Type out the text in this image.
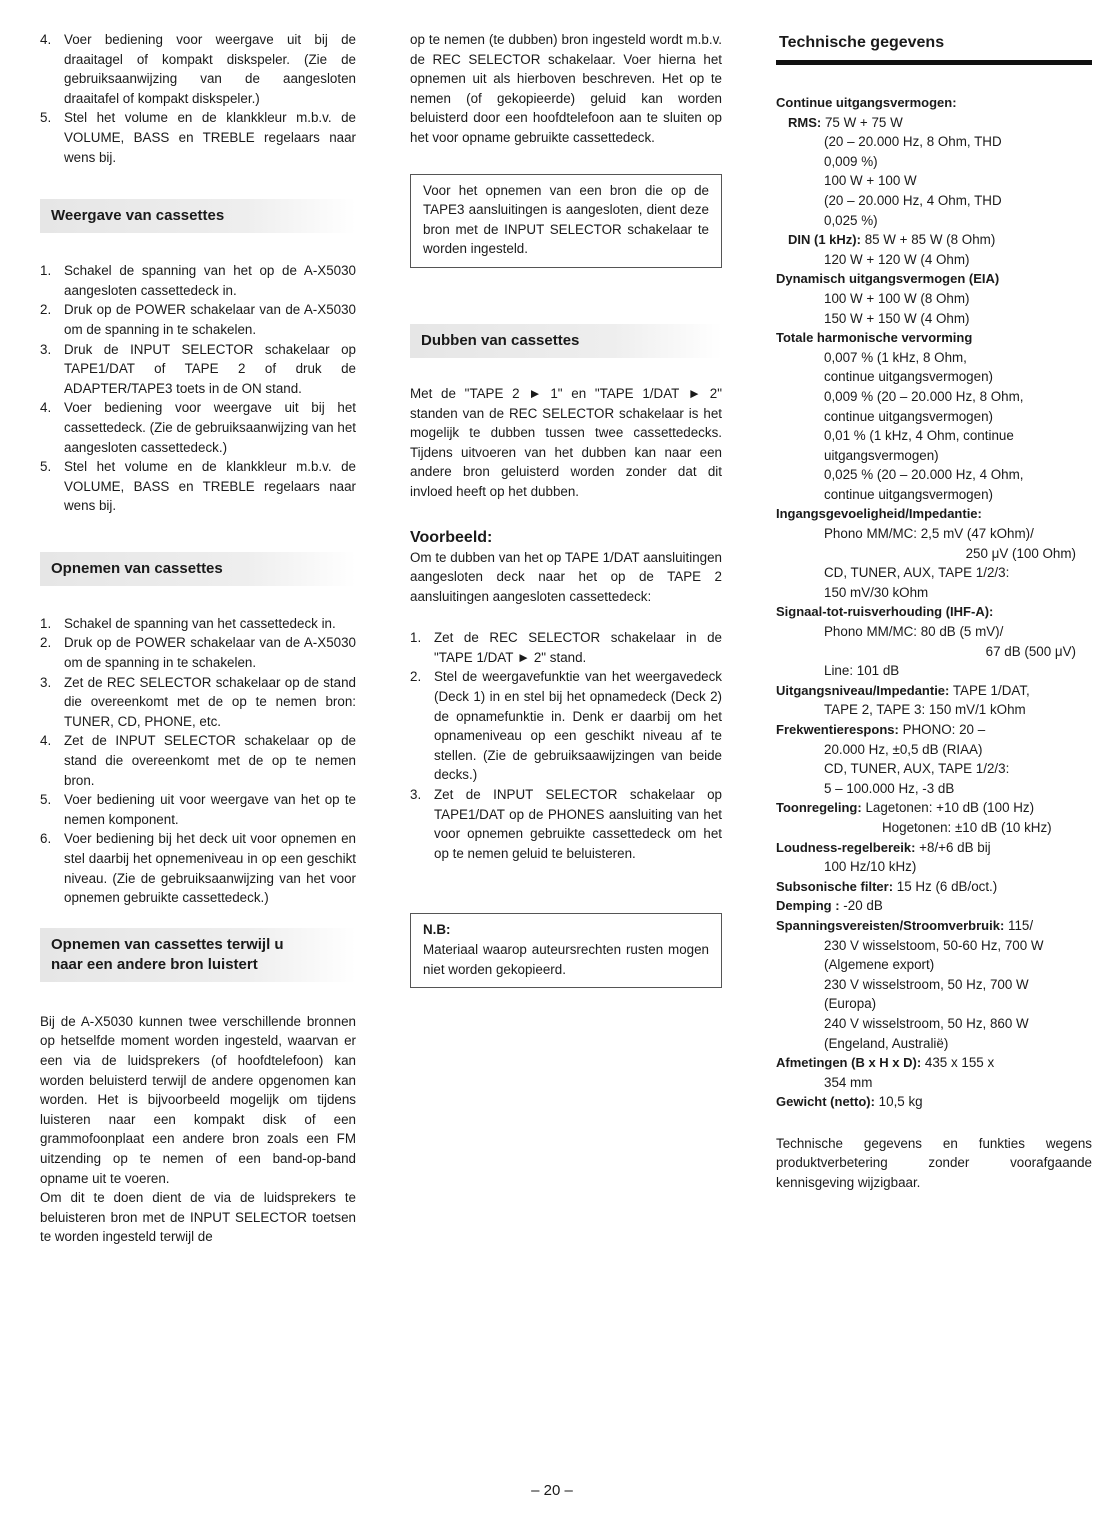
4. Voer bediening voor weergave uit bij de draaitagel of kompakt diskspeler. (Zie de gebruiksaanwijzing van de aangesloten draaitafel of kompakt diskspeler.)
5. Stel het volume en de klankkleur m.b.v. de VOLUME, BASS en TREBLE regelaars naar wens bij.
Weergave van cassettes
1. Schakel de spanning van het op de A-X5030 aangesloten cassettedeck in.
2. Druk op de POWER schakelaar van de A-X5030 om de spanning in te schakelen.
3. Druk de INPUT SELECTOR schakelaar op TAPE1/DAT of TAPE 2 of druk de ADAPTER/TAPE3 toets in de ON stand.
4. Voer bediening voor weergave uit bij het cassettedeck. (Zie de gebruiksaanwijzing van het aangesloten cassettedeck.)
5. Stel het volume en de klankkleur m.b.v. de VOLUME, BASS en TREBLE regelaars naar wens bij.
Opnemen van cassettes
1. Schakel de spanning van het cassettedeck in.
2. Druk op de POWER schakelaar van de A-X5030 om de spanning in te schakelen.
3. Zet de REC SELECTOR schakelaar op de stand die overeenkomt met de op te nemen bron: TUNER, CD, PHONE, etc.
4. Zet de INPUT SELECTOR schakelaar op de stand die overeenkomt met de op te nemen bron.
5. Voer bediening uit voor weergave van het op te nemen komponent.
6. Voer bediening bij het deck uit voor opnemen en stel daarbij het opnemeniveau in op een geschikt niveau. (Zie de gebruiksaanwijzing van het voor opnemen gebruikte cassettedeck.)
Opnemen van cassettes terwijl u
naar een andere bron luistert

Bij de A-X5030 kunnen twee verschillende bronnen op hetselfde moment worden ingesteld, waarvan er een via de luidsprekers (of hoofdtelefoon) kan worden beluisterd terwijl de andere opgenomen kan worden. Het is bijvoorbeeld mogelijk om tijdens luisteren naar een kompakt disk of een grammofoonplaat een andere bron zoals een FM uitzending op te nemen of een band-op-band opname uit te voeren.

Om dit te doen dient de via de luidsprekers te beluisteren bron met de INPUT SELECTOR toetsen te worden ingesteld terwijl de

op te nemen (te dubben) bron ingesteld wordt m.b.v. de REC SELECTOR schakelaar. Voer hierna het opnemen uit als hierboven beschreven. Het op te nemen (of gekopieerde) geluid kan worden beluisterd door een hoofdtelefoon aan te sluiten op het voor opname gebruikte cassettedeck.

Voor het opnemen van een bron die op de TAPE3 aansluitingen is aangesloten, dient deze bron met de INPUT SELECTOR schakelaar te worden ingesteld.

Dubben van cassettes

Met de "TAPE 2 ► 1" en "TAPE 1/DAT ► 2" standen van de REC SELECTOR schakelaar is het mogelijk te dubben tussen twee cassettedecks. Tijdens uitvoeren van het dubben kan naar een andere bron geluisterd worden zonder dat dit invloed heeft op het dubben.

Voorbeeld:

Om te dubben van het op TAPE 1/DAT aansluitingen aangesloten deck naar het op de TAPE 2 aansluitingen aangesloten cassettedeck:

1. Zet de REC SELECTOR schakelaar in de "TAPE 1/DAT ► 2" stand.
2. Stel de weergavefunktie van het weergavedeck (Deck 1) in en stel bij het opnamedeck (Deck 2) de opnamefunktie in. Denk er daarbij om het opnameniveau op een geschikt niveau af te stellen. (Zie de gebruiksaawijzingen van beide decks.)
3. Zet de INPUT SELECTOR schakelaar op TAPE1/DAT op de PHONES aansluiting van het voor opnemen gebruikte cassettedeck om het op te nemen geluid te beluisteren.
N.B:

Materiaal waarop auteursrechten rusten mogen niet worden gekopieerd.

Technische gegevens
Continue uitgangsvermogen:
RMS: 75 W + 75 W
(20 – 20.000 Hz, 8 Ohm, THD
0,009 %)
100 W + 100 W
(20 – 20.000 Hz, 4 Ohm, THD
0,025 %)
DIN (1 kHz): 85 W + 85 W (8 Ohm)
120 W + 120 W (4 Ohm)
Dynamisch uitgangsvermogen (EIA)
100 W + 100 W (8 Ohm)
150 W + 150 W (4 Ohm)
Totale harmonische vervorming
0,007 % (1 kHz, 8 Ohm,
continue uitgangsvermogen)
0,009 % (20 – 20.000 Hz, 8 Ohm,
continue uitgangsvermogen)
0,01 % (1 kHz, 4 Ohm, continue
uitgangsvermogen)
0,025 % (20 – 20.000 Hz, 4 Ohm,
continue uitgangsvermogen)
Ingangsgevoeligheid/Impedantie:
Phono MM/MC: 2,5 mV (47 kOhm)/
250 μV (100 Ohm)
CD, TUNER, AUX, TAPE 1/2/3:
150 mV/30 kOhm
Signaal-tot-ruisverhouding (IHF-A):
Phono MM/MC: 80 dB (5 mV)/
67 dB (500 μV)
Line: 101 dB
Uitgangsniveau/Impedantie: TAPE 1/DAT,
TAPE 2, TAPE 3: 150 mV/1 kOhm
Frekwentierespons: PHONO: 20 –
20.000 Hz, ±0,5 dB (RIAA)
CD, TUNER, AUX, TAPE 1/2/3:
5 – 100.000 Hz, -3 dB
Toonregeling: Lagetonen: +10 dB (100 Hz)
Hogetonen: ±10 dB (10 kHz)
Loudness-regelbereik: +8/+6 dB bij
100 Hz/10 kHz)
Subsonische filter: 15 Hz (6 dB/oct.)
Demping : -20 dB
Spanningsvereisten/Stroomverbruik: 115/
230 V wisselstoom, 50-60 Hz, 700 W
(Algemene export)
230 V wisselstroom, 50 Hz, 700 W
(Europa)
240 V wisselstroom, 50 Hz, 860 W
(Engeland, Australië)
Afmetingen (B x H x D): 435 x 155 x
354 mm
Gewicht (netto): 10,5 kg

Technische gegevens en funkties wegens produktverbetering zonder voorafgaande kennisgeving wijzigbaar.

– 20 –
